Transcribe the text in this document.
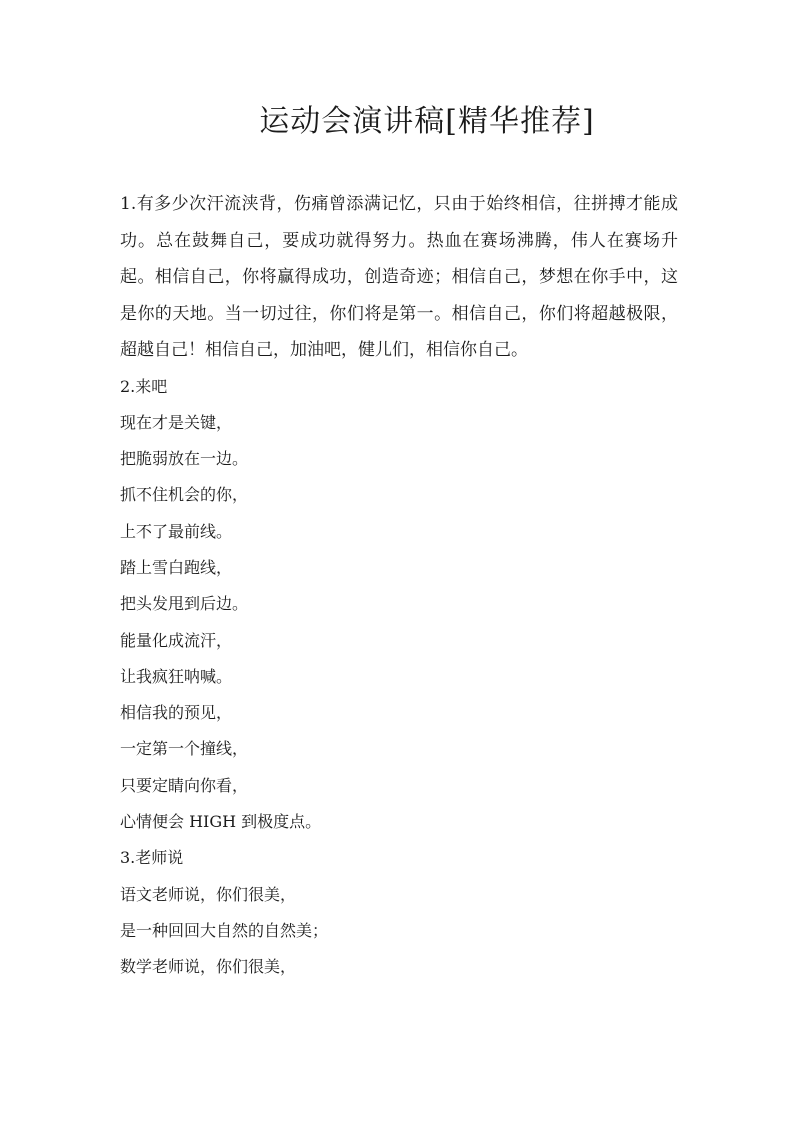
运动会演讲稿[精华推荐]

1.有多少次汗流浃背，伤痛曾添满记忆，只由于始终相信，往拼搏才能成功。总在鼓舞自己，要成功就得努力。热血在赛场沸腾，伟人在赛场升起。相信自己，你将赢得成功，创造奇迹；相信自己，梦想在你手中，这是你的天地。当一切过往，你们将是第一。相信自己，你们将超越极限，超越自己！相信自己，加油吧，健儿们，相信你自己。

2.来吧

现在才是关键，

把脆弱放在一边。

抓不住机会的你，

上不了最前线。

踏上雪白跑线，

把头发甩到后边。

能量化成流汗，

让我疯狂呐喊。

相信我的预见，

一定第一个撞线，

只要定睛向你看，

心情便会 HIGH 到极度点。

3.老师说

语文老师说，你们很美，

是一种回回大自然的自然美；

数学老师说，你们很美，
